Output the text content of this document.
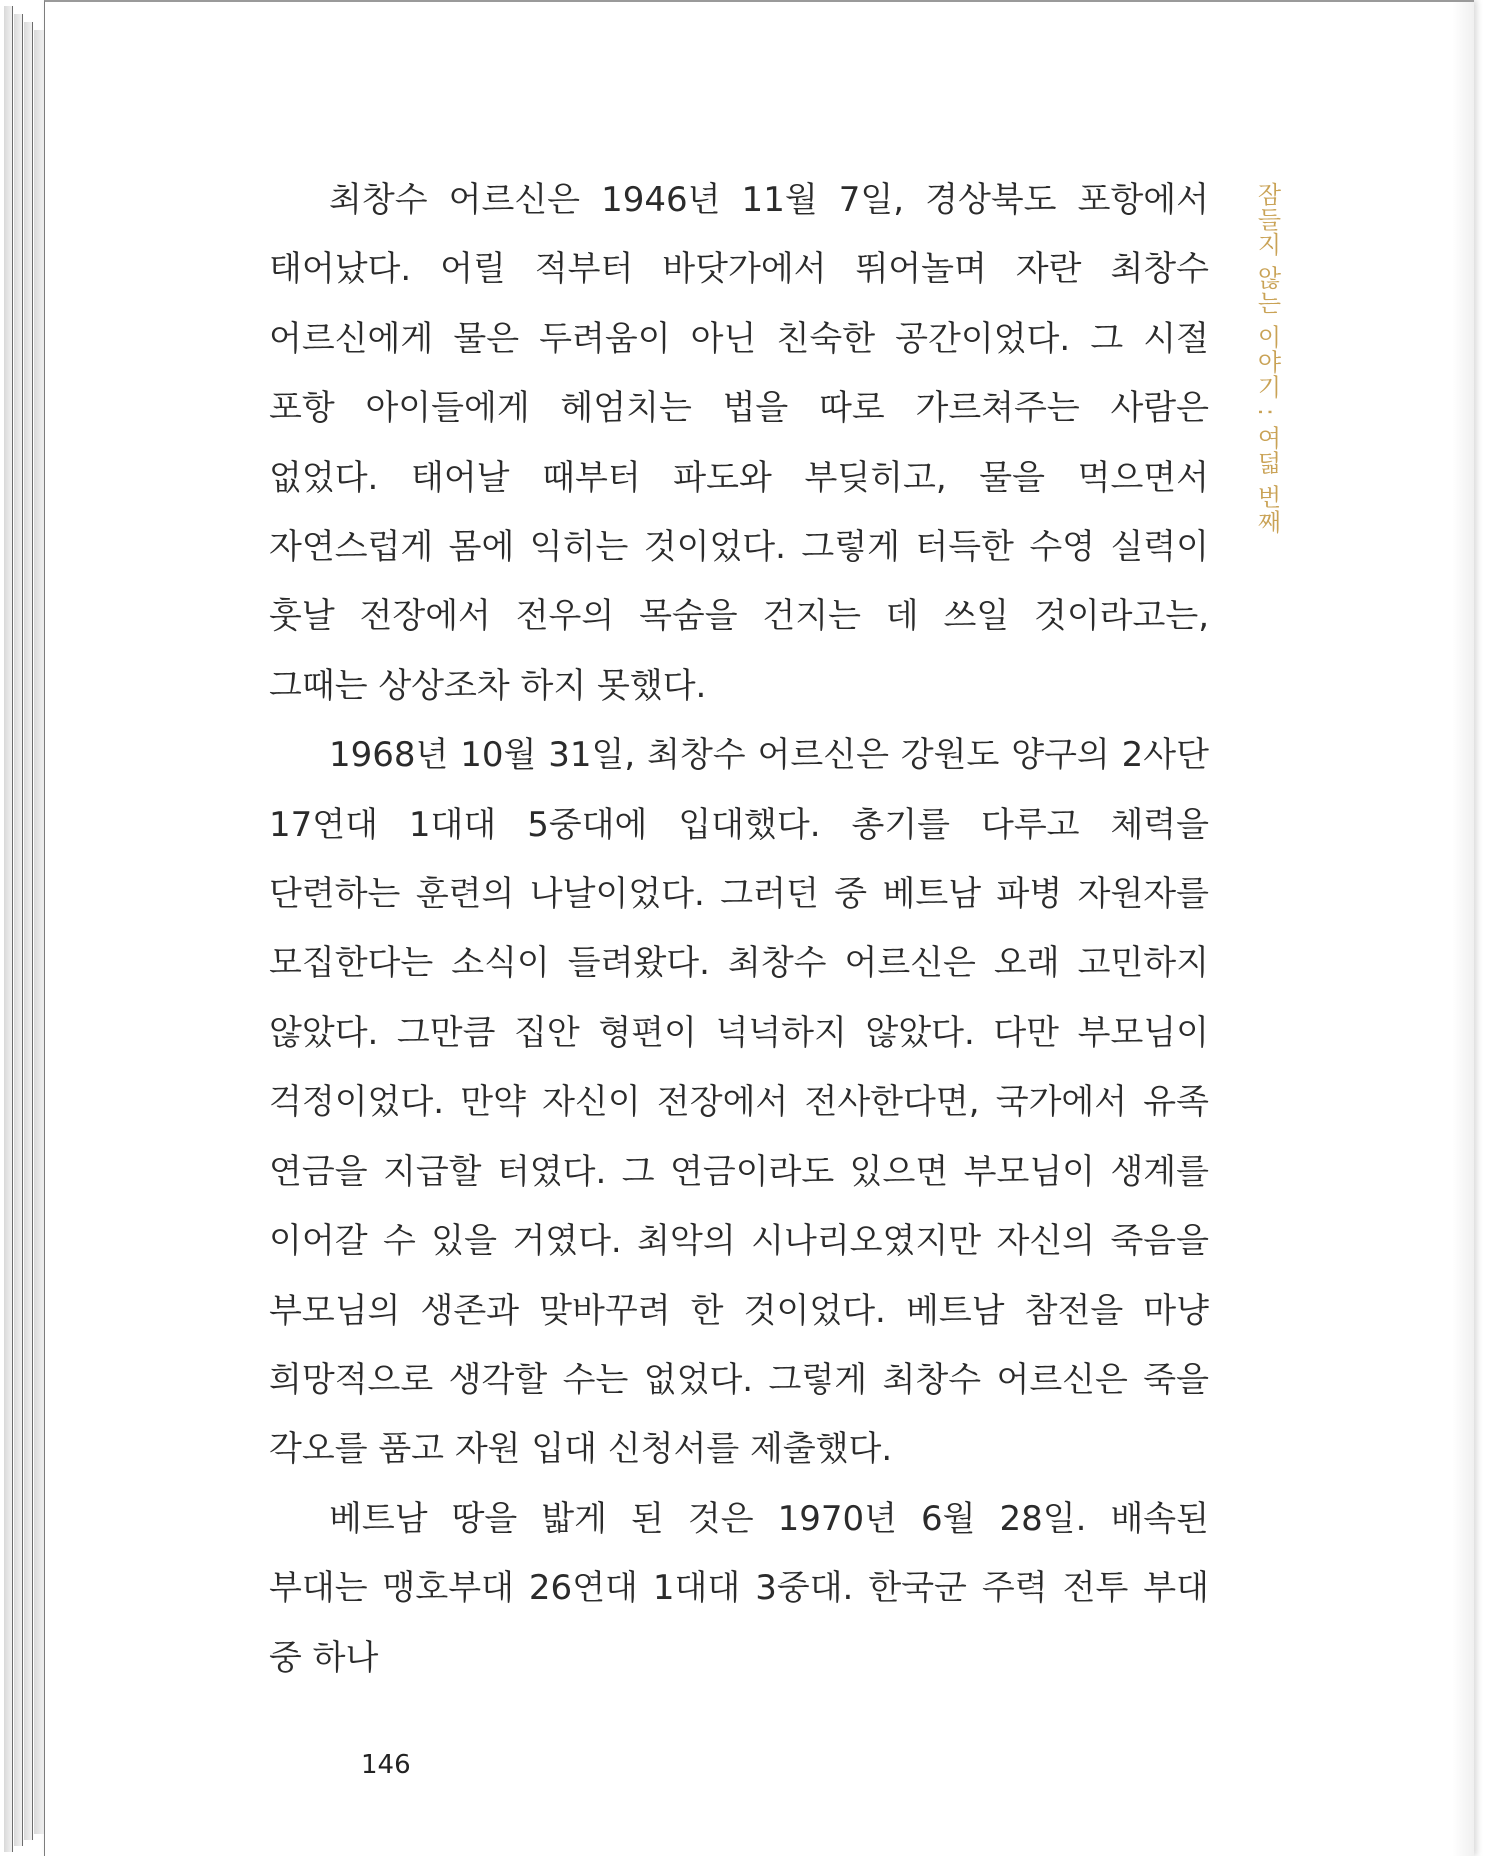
잠들지 않는 이야기 : 여덟 번째

최창수 어르신은 1946년 11월 7일, 경상북도 포항에서 태어났다. 어릴 적부터 바닷가에서 뛰어놀며 자란 최창수 어르신에게 물은 두려움이 아닌 친숙한 공간이었다. 그 시절 포항 아이들에게 헤엄치는 법을 따로 가르쳐주는 사람은 없었다. 태어날 때부터 파도와 부딪히고, 물을 먹으면서 자연스럽게 몸에 익히는 것이었다. 그렇게 터득한 수영 실력이 훗날 전장에서 전우의 목숨을 건지는 데 쓰일 것이라고는, 그때는 상상조차 하지 못했다.

1968년 10월 31일, 최창수 어르신은 강원도 양구의 2사단 17연대 1대대 5중대에 입대했다. 총기를 다루고 체력을 단련하는 훈련의 나날이었다. 그러던 중 베트남 파병 자원자를 모집한다는 소식이 들려왔다. 최창수 어르신은 오래 고민하지 않았다. 그만큼 집안 형편이 넉넉하지 않았다. 다만 부모님이 걱정이었다. 만약 자신이 전장에서 전사한다면, 국가에서 유족 연금을 지급할 터였다. 그 연금이라도 있으면 부모님이 생계를 이어갈 수 있을 거였다. 최악의 시나리오였지만 자신의 죽음을 부모님의 생존과 맞바꾸려 한 것이었다. 베트남 참전을 마냥 희망적으로 생각할 수는 없었다. 그렇게 최창수 어르신은 죽을 각오를 품고 자원 입대 신청서를 제출했다.

베트남 땅을 밟게 된 것은 1970년 6월 28일. 배속된 부대는 맹호부대 26연대 1대대 3중대. 한국군 주력 전투 부대 중 하나

146
